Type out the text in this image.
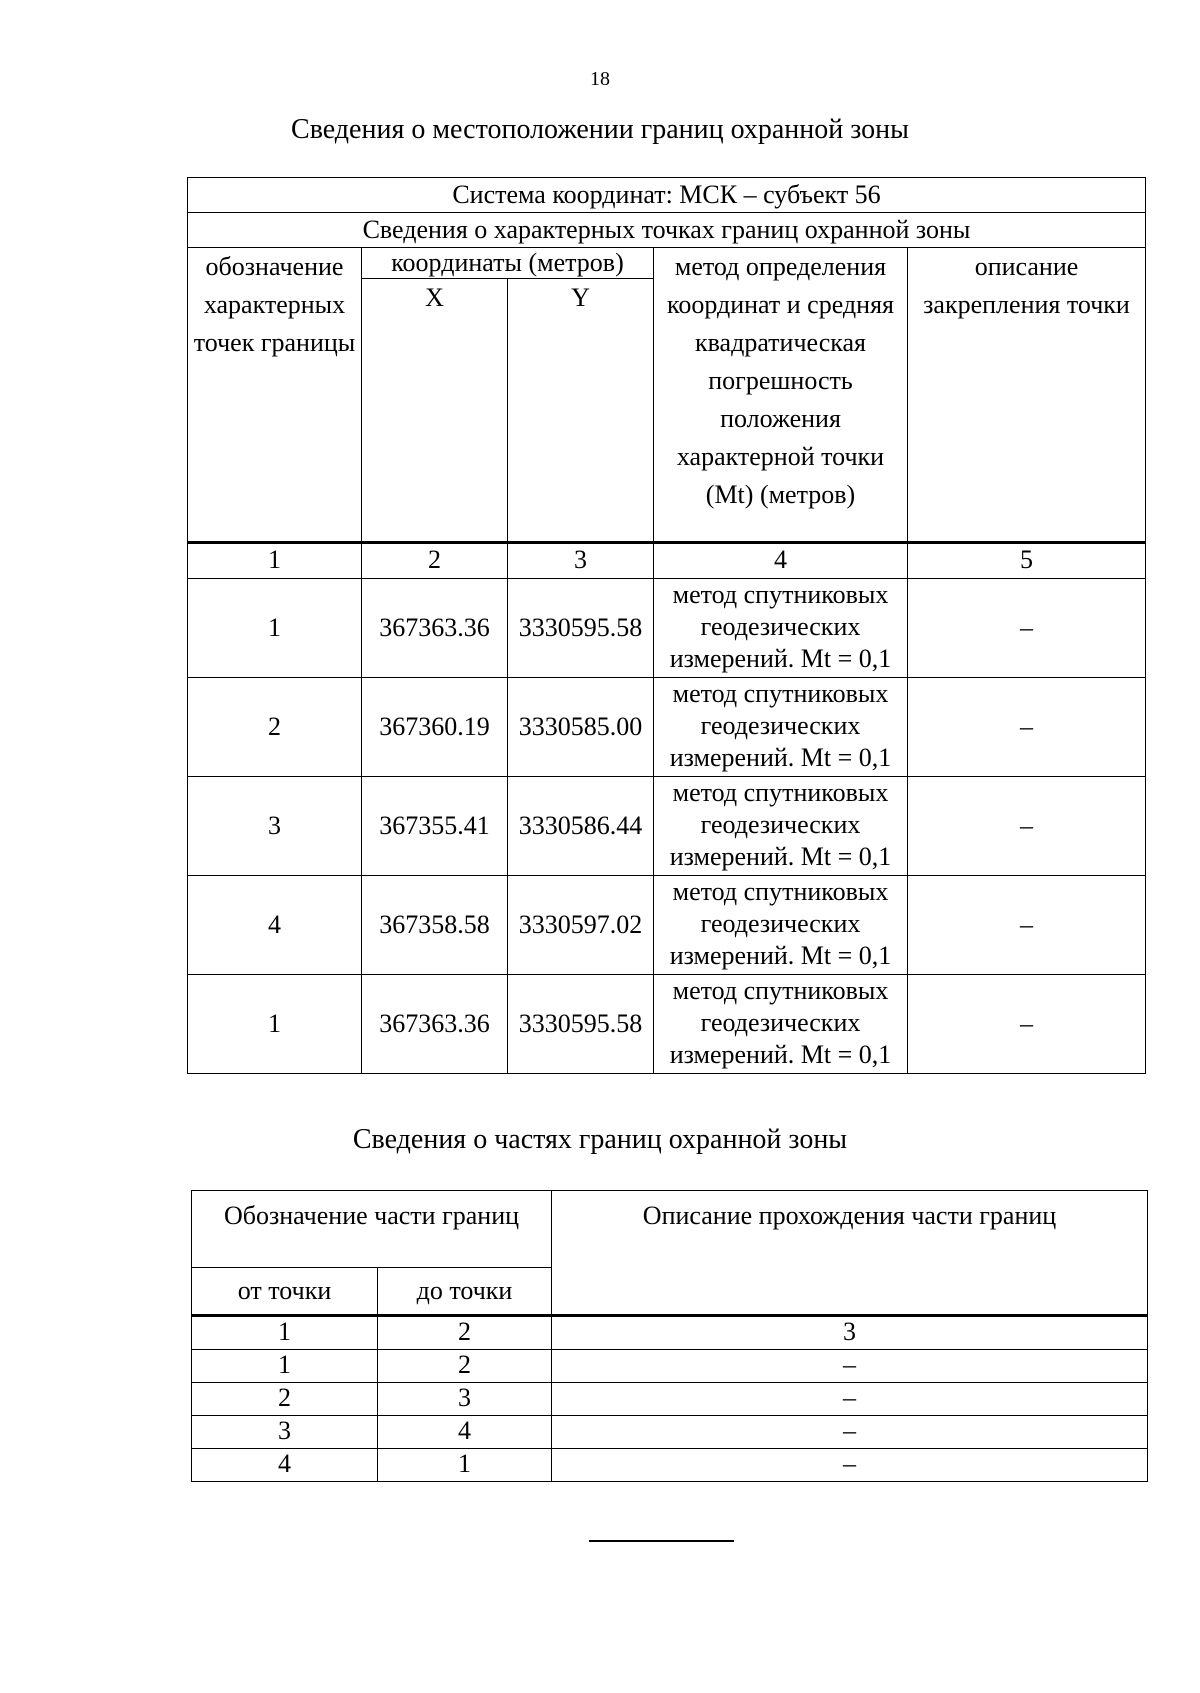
18
Сведения о местоположении границ охранной зоны
Система координат: МСК – субъект 56				
Сведения о характерных точках границ охранной зоны				
обозначение характерных точек границы	координаты (метров)		метод определения координат и средняя квадратическая погрешность положения характерной точки (Mt) (метров)	описание закрепления точки
	X	Y		
1	2	3	4	5
1	367363.36	3330595.58	метод спутниковых геодезических измерений. Mt = 0,1	–
2	367360.19	3330585.00	метод спутниковых геодезических измерений. Mt = 0,1	–
3	367355.41	3330586.44	метод спутниковых геодезических измерений. Mt = 0,1	–
4	367358.58	3330597.02	метод спутниковых геодезических измерений. Mt = 0,1	–
1	367363.36	3330595.58	метод спутниковых геодезических измерений. Mt = 0,1	–
Сведения о частях границ охранной зоны
Обозначение части границ		Описание прохождения части границ
от точки	до точки	
1	2	3
1	2	–
2	3	–
3	4	–
4	1	–
